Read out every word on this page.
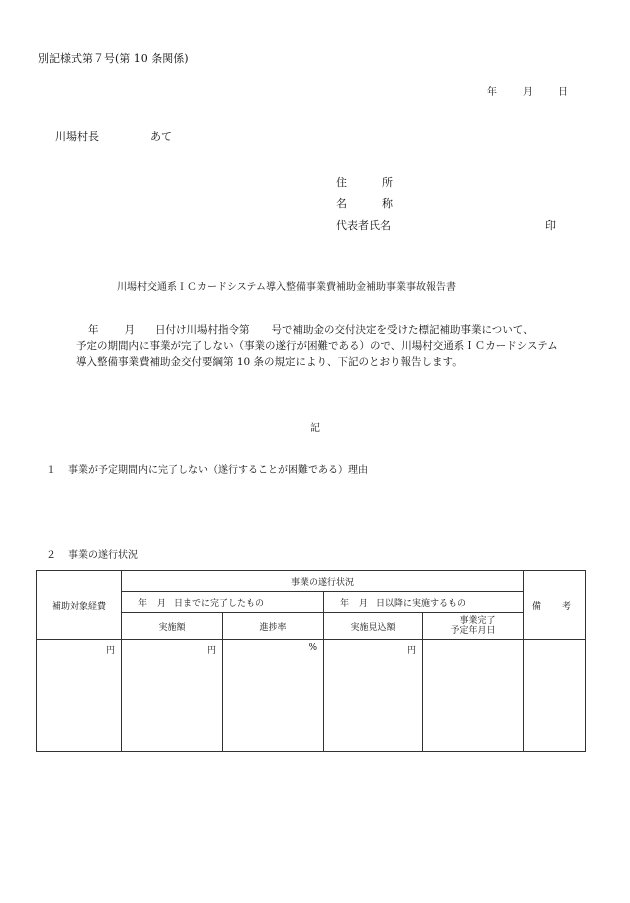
別記様式第７号(第 10 条関係)
年	月	日
川場村長	あて
住	所
名	称
代表者氏名	印
川場村交通系ＩＣカードシステム導入整備事業費補助金補助事業事故報告書
年 月 日付け川場村指令第 号で補助金の交付決定を受けた標記補助事業について、
予定の期間内に事業が完了しない（事業の遂行が困難である）ので、川場村交通系ＩＣカードシステム
導入整備事業費補助金交付要綱第 10 条の規定により、下記のとおり報告します。
記
１ 事業が予定期間内に完了しない（遂行することが困難である）理由
２ 事業の遂行状況
補助対象経費	事業の遂行状況				備　考
	年 月 日までに完了したもの		年 月 日以降に実施するもの		
	実施額	進捗率	実施見込額	事業完了
予定年月日	
円	円	%	円		
